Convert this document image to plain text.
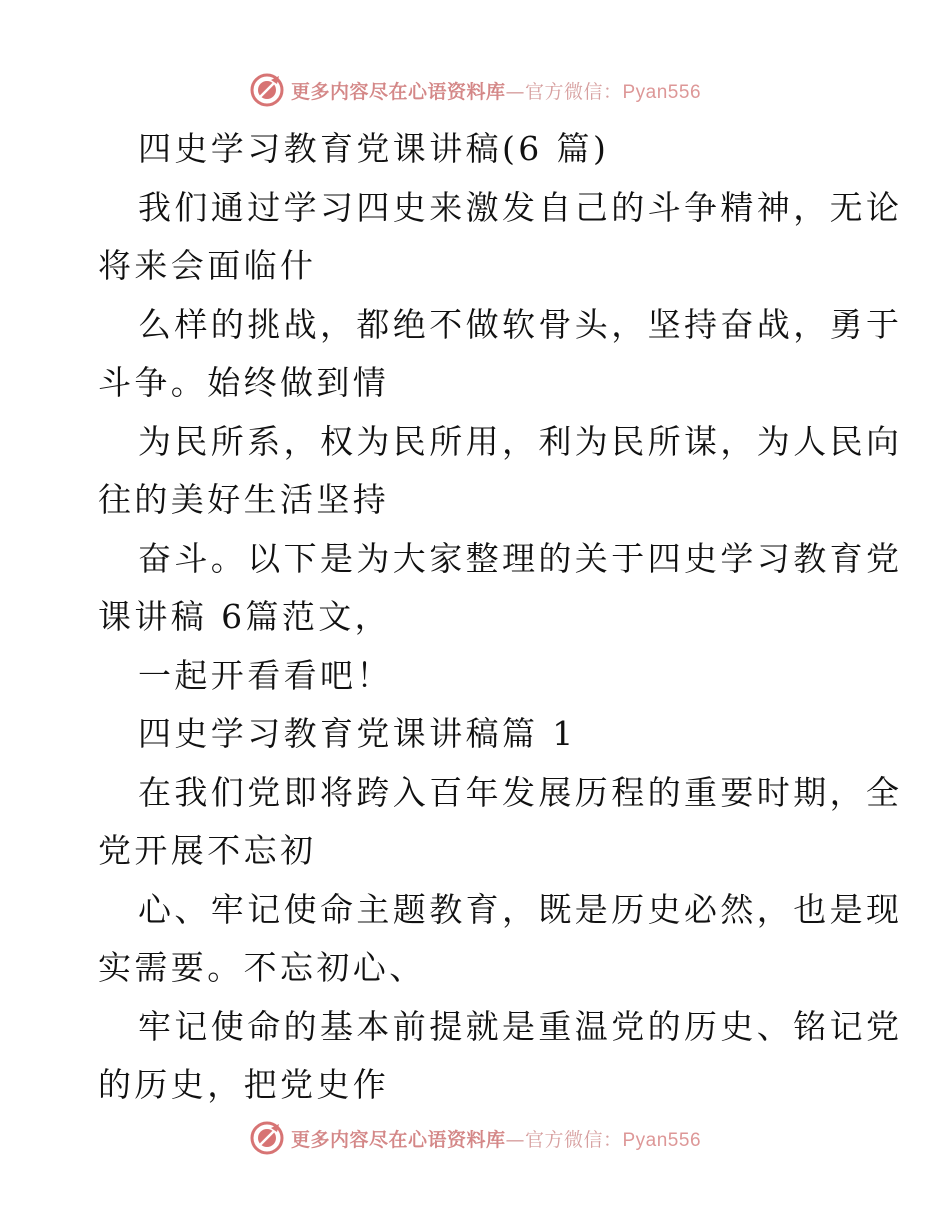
更多内容尽在心语资料库—官方微信：Pyan556
四史学习教育党课讲稿(6 篇)
我们通过学习四史来激发自己的斗争精神，无论
将来会面临什
么样的挑战，都绝不做软骨头，坚持奋战，勇于
斗争。始终做到情
为民所系，权为民所用，利为民所谋，为人民向
往的美好生活坚持
奋斗。以下是为大家整理的关于四史学习教育党
课讲稿 6篇范文，
一起开看看吧！
四史学习教育党课讲稿篇 1
在我们党即将跨入百年发展历程的重要时期，全
党开展不忘初
心、牢记使命主题教育，既是历史必然，也是现
实需要。不忘初心、
牢记使命的基本前提就是重温党的历史、铭记党
的历史，把党史作
更多内容尽在心语资料库—官方微信：Pyan556
